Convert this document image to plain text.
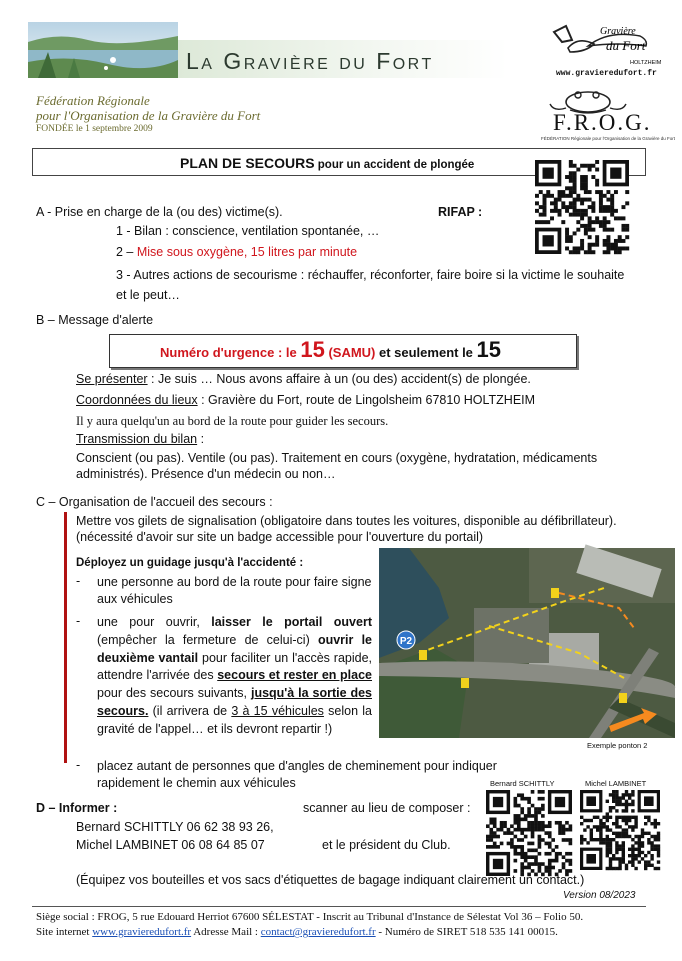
La Gravière du Fort
Gravière
du Fort
HOLTZHEIM
www.gravieredufort.fr
F.R.O.G.
FÉDÉRATION Régionale pour l'Organisation de la Gravière du Fort
Fédération Régionale
pour l'Organisation de la Gravière du Fort
FONDÉE le 1 septembre 2009
PLAN DE SECOURS pour un accident de plongée
Bernard SCHITTLY	Michel LAMBINET
A - Prise en charge de la (ou des) victime(s).	RIFAP :
1 - Bilan : conscience, ventilation spontanée, …
2 – Mise sous oxygène, 15 litres par minute
3 - Autres actions de secourisme : réchauffer, réconforter, faire boire si la victime le souhaite et le peut…
B – Message d'alerte
Numéro d'urgence : le 15 (SAMU) et seulement le 15
Se présenter : Je suis … Nous avons affaire à un (ou des) accident(s) de plongée.
Coordonnées du lieux : Gravière du Fort, route de Lingolsheim 67810 HOLTZHEIM
Il y aura quelqu'un au bord de la route pour guider les secours.
Transmission du bilan :
Conscient (ou pas). Ventile (ou pas). Traitement en cours (oxygène, hydratation, médicaments administrés). Présence d'un médecin ou non…
C – Organisation de l'accueil des secours :
Mettre vos gilets de signalisation (obligatoire dans toutes les voitures, disponible au défibrillateur). (nécessité d'avoir sur site un badge accessible pour l'ouverture du portail)
Déployez un guidage jusqu'à l'accidenté :
- une personne au bord de la route pour faire signe aux véhicules
- une pour ouvrir, laisser le portail ouvert (empêcher la fermeture de celui-ci) ouvrir le deuxième vantail pour faciliter un l'accès rapide, attendre l'arrivée des secours et rester en place pour des secours suivants, jusqu'à la sortie des secours. (il arrivera de 3 à 15 véhicules selon la gravité de l'appel… et ils devront repartir !)
- placez autant de personnes que d'angles de cheminement pour indiquer rapidement le chemin aux véhicules
P2
Exemple ponton 2
D – Informer :	scanner au lieu de composer :
Bernard SCHITTLY 06 62 38 93 26,
Michel LAMBINET 06 08 64 85 07	et le président du Club.
(Équipez vos bouteilles et vos sacs d'étiquettes de bagage indiquant clairement un contact.)
Version 08/2023
Siège social : FROG, 5 rue Edouard Herriot 67600 SÉLESTAT - Inscrit au Tribunal d'Instance de Sélestat Vol 36 – Folio 50.
Site internet www.gravieredufort.fr Adresse Mail : contact@gravieredufort.fr - Numéro de SIRET 518 535 141 00015.
